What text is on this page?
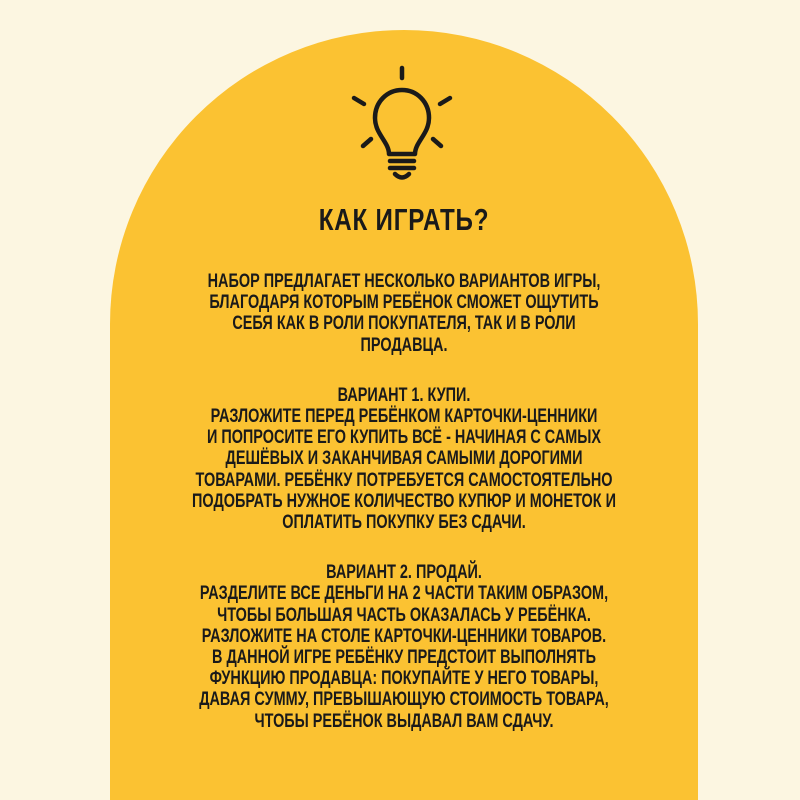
КАК ИГРАТЬ?
НАБОР ПРЕДЛАГАЕТ НЕСКОЛЬКО ВАРИАНТОВ ИГРЫ,
БЛАГОДАРЯ КОТОРЫМ РЕБЁНОК СМОЖЕТ ОЩУТИТЬ
СЕБЯ КАК В РОЛИ ПОКУПАТЕЛЯ, ТАК И В РОЛИ
ПРОДАВЦА.
ВАРИАНТ 1. КУПИ.
РАЗЛОЖИТЕ ПЕРЕД РЕБЁНКОМ КАРТОЧКИ-ЦЕННИКИ
И ПОПРОСИТЕ ЕГО КУПИТЬ ВСЁ - НАЧИНАЯ С САМЫХ
ДЕШЁВЫХ И ЗАКАНЧИВАЯ САМЫМИ ДОРОГИМИ
ТОВАРАМИ. РЕБЁНКУ ПОТРЕБУЕТСЯ САМОСТОЯТЕЛЬНО
ПОДОБРАТЬ НУЖНОЕ КОЛИЧЕСТВО КУПЮР И МОНЕТОК И
ОПЛАТИТЬ ПОКУПКУ БЕЗ СДАЧИ.
ВАРИАНТ 2. ПРОДАЙ.
РАЗДЕЛИТЕ ВСЕ ДЕНЬГИ НА 2 ЧАСТИ ТАКИМ ОБРАЗОМ,
ЧТОБЫ БОЛЬШАЯ ЧАСТЬ ОКАЗАЛАСЬ У РЕБЁНКА.
РАЗЛОЖИТЕ НА СТОЛЕ КАРТОЧКИ-ЦЕННИКИ ТОВАРОВ.
В ДАННОЙ ИГРЕ РЕБЁНКУ ПРЕДСТОИТ ВЫПОЛНЯТЬ
ФУНКЦИЮ ПРОДАВЦА: ПОКУПАЙТЕ У НЕГО ТОВАРЫ,
ДАВАЯ СУММУ, ПРЕВЫШАЮЩУЮ СТОИМОСТЬ ТОВАРА,
ЧТОБЫ РЕБЁНОК ВЫДАВАЛ ВАМ СДАЧУ.
